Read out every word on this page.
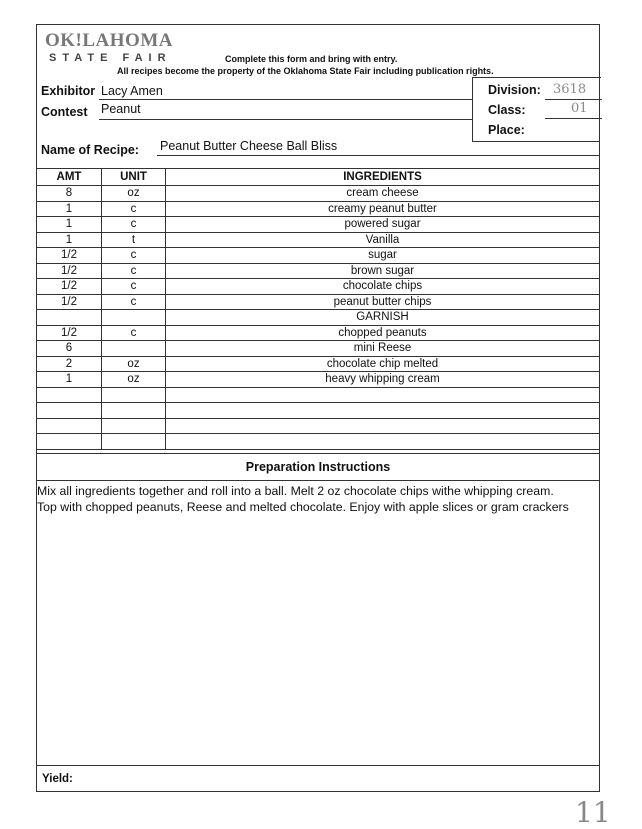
OK!LAHOMA
STATE FAIR	Complete this form and bring with entry.
All recipes become the property of the Oklahoma State Fair including publication rights.
Exhibitor Lacy Amen
Contest Peanut
Division: 3618
Class:	01
Place:
Name of Recipe: Peanut Butter Cheese Ball Bliss
AMT	UNIT	INGREDIENTS
8	oz	cream cheese
1	c	creamy peanut butter
1	c	powered sugar
1	t	Vanilla
1/2	c	sugar
1/2	c	brown sugar
1/2	c	chocolate chips
1/2	c	peanut butter chips
		GARNISH
1/2	c	chopped peanuts
6		mini Reese
2	oz	chocolate chip melted
1	oz	heavy whipping cream

Preparation Instructions
Mix all ingredients together and roll into a ball. Melt 2 oz chocolate chips withe whipping cream.
Top with chopped peanuts, Reese and melted chocolate. Enjoy with apple slices or gram crackers
Yield:
11
